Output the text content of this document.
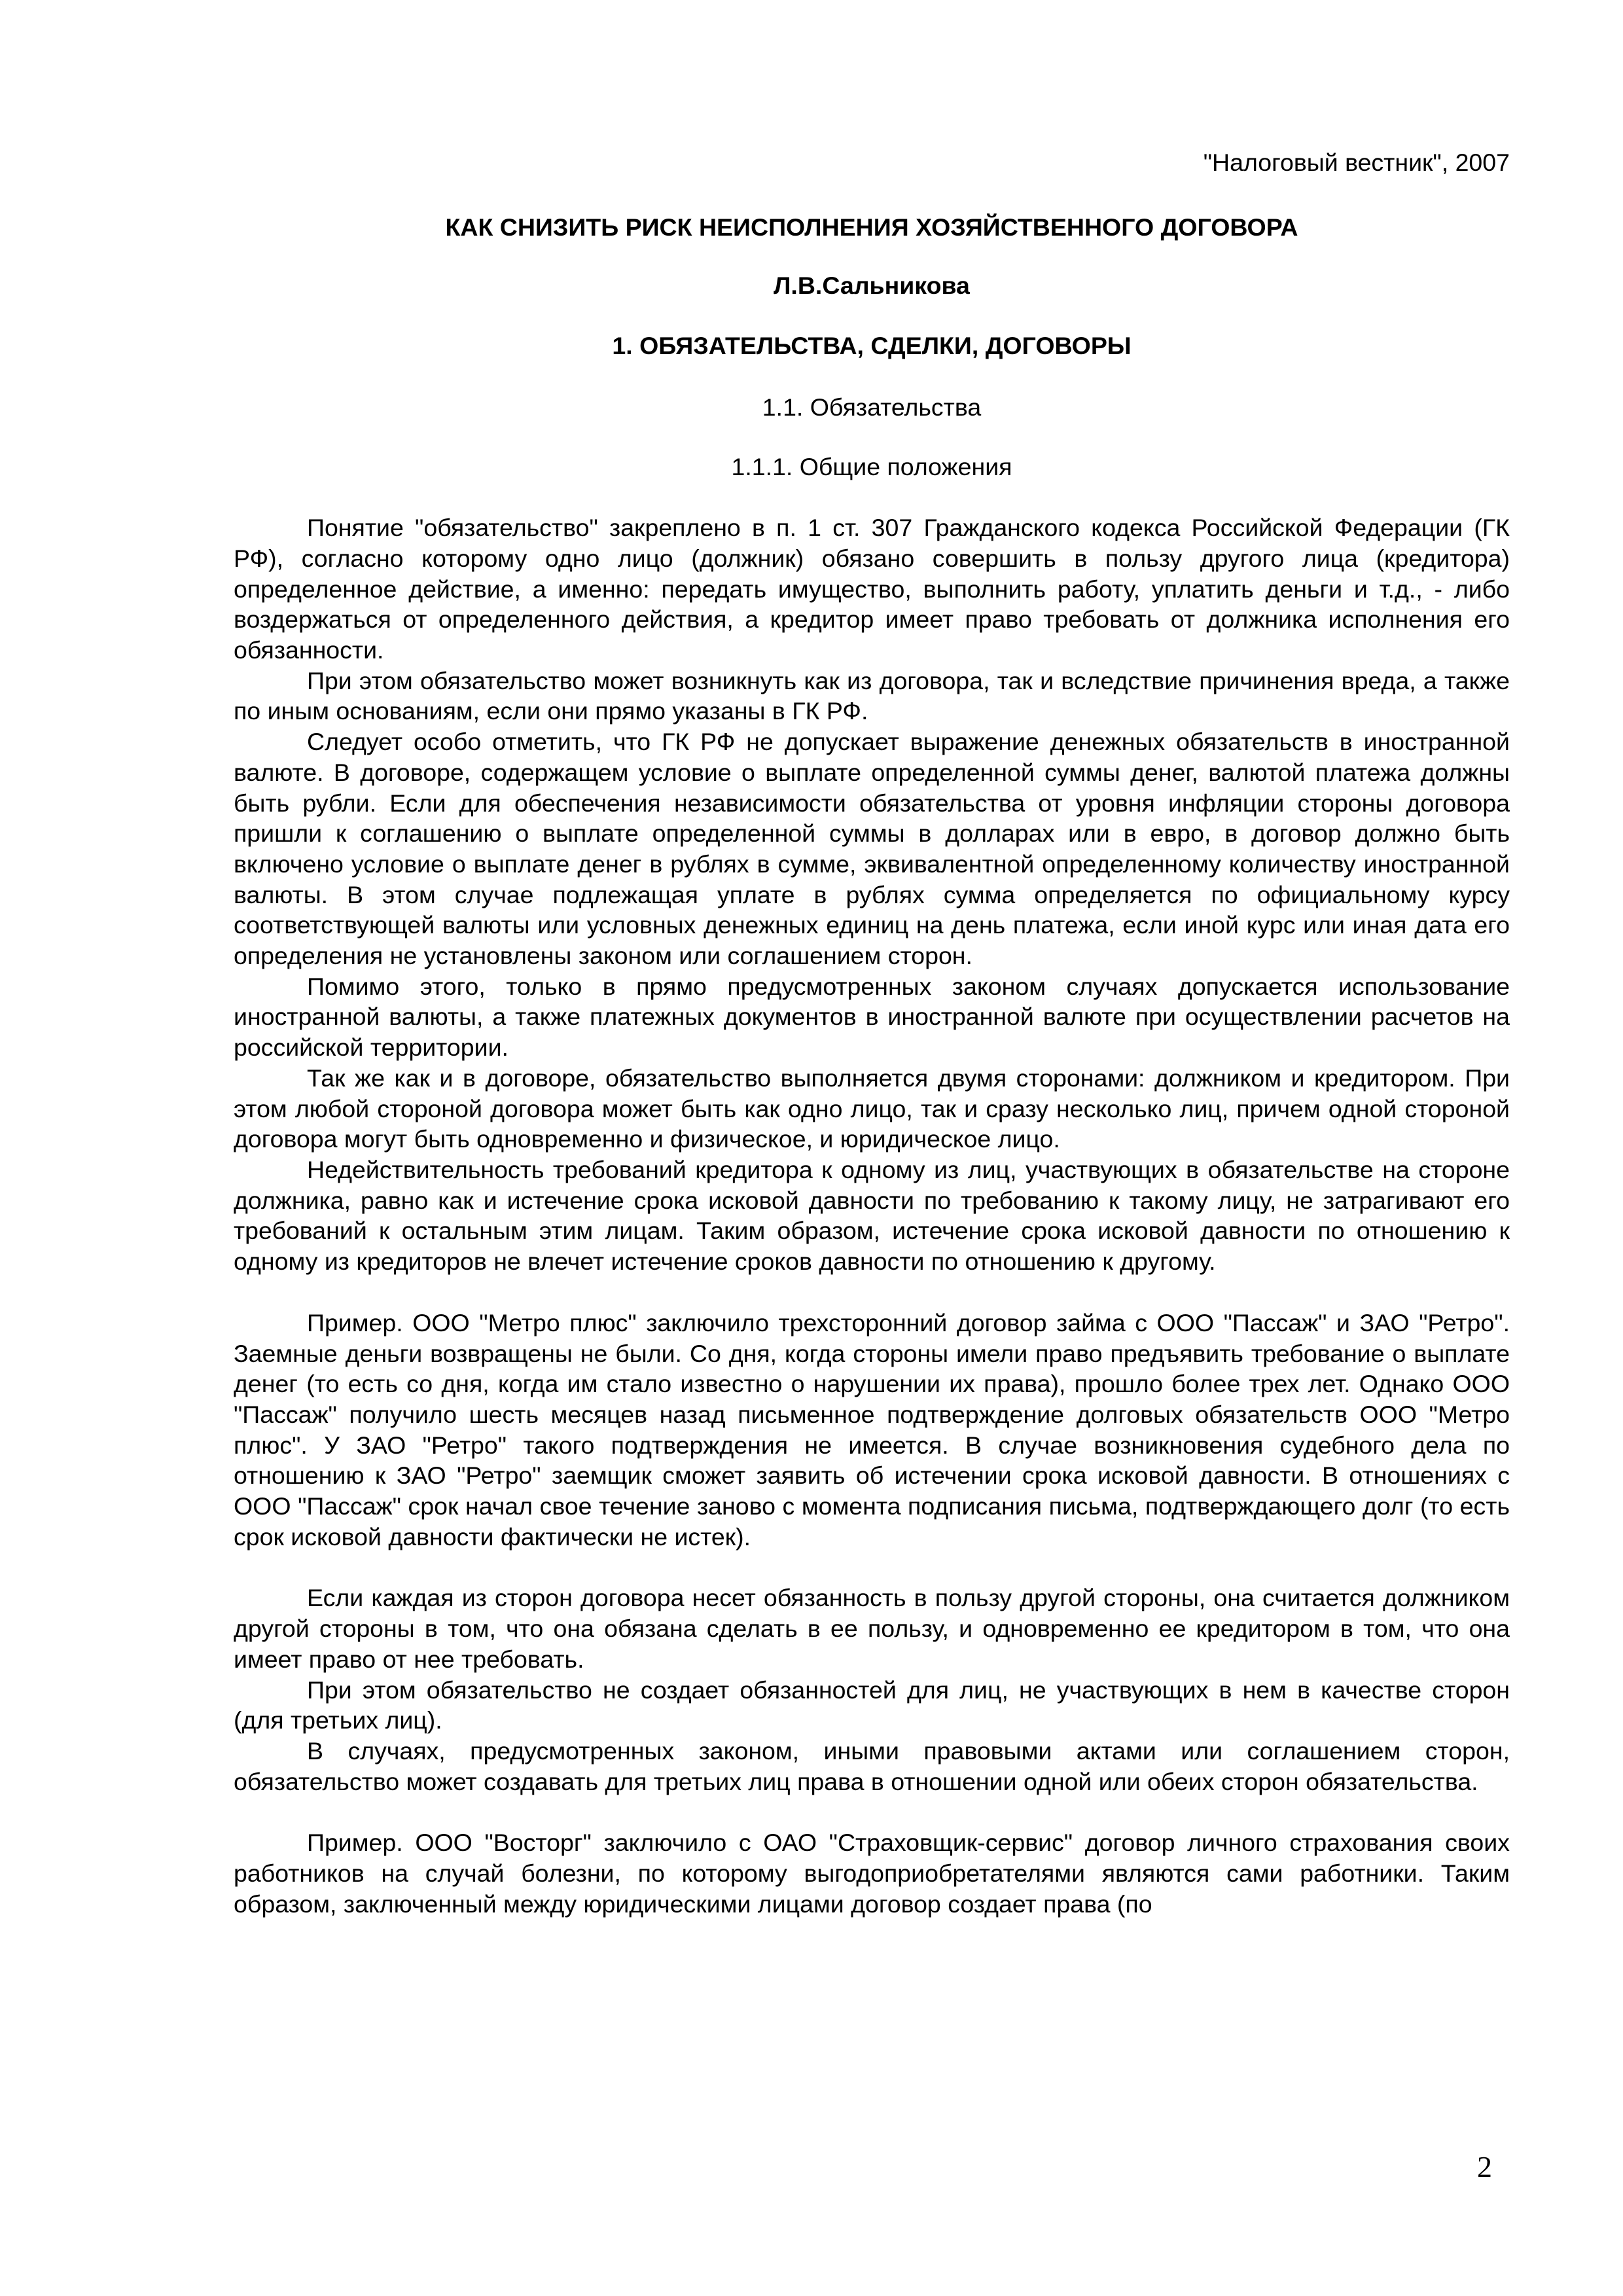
"Налоговый вестник", 2007
КАК СНИЗИТЬ РИСК НЕИСПОЛНЕНИЯ ХОЗЯЙСТВЕННОГО ДОГОВОРА
Л.В.Сальникова
1. ОБЯЗАТЕЛЬСТВА, СДЕЛКИ, ДОГОВОРЫ
1.1. Обязательства
1.1.1. Общие положения

Понятие "обязательство" закреплено в п. 1 ст. 307 Гражданского кодекса Российской Федерации (ГК РФ), согласно которому одно лицо (должник) обязано совершить в пользу другого лица (кредитора) определенное действие, а именно: передать имущество, выполнить работу, уплатить деньги и т.д., - либо воздержаться от определенного действия, а кредитор имеет право требовать от должника исполнения его обязанности.

При этом обязательство может возникнуть как из договора, так и вследствие причинения вреда, а также по иным основаниям, если они прямо указаны в ГК РФ.

Следует особо отметить, что ГК РФ не допускает выражение денежных обязательств в иностранной валюте. В договоре, содержащем условие о выплате определенной суммы денег, валютой платежа должны быть рубли. Если для обеспечения независимости обязательства от уровня инфляции стороны договора пришли к соглашению о выплате определенной суммы в долларах или в евро, в договор должно быть включено условие о выплате денег в рублях в сумме, эквивалентной определенному количеству иностранной валюты. В этом случае подлежащая уплате в рублях сумма определяется по официальному курсу соответствующей валюты или условных денежных единиц на день платежа, если иной курс или иная дата его определения не установлены законом или соглашением сторон.

Помимо этого, только в прямо предусмотренных законом случаях допускается использование иностранной валюты, а также платежных документов в иностранной валюте при осуществлении расчетов на российской территории.

Так же как и в договоре, обязательство выполняется двумя сторонами: должником и кредитором. При этом любой стороной договора может быть как одно лицо, так и сразу несколько лиц, причем одной стороной договора могут быть одновременно и физическое, и юридическое лицо.

Недействительность требований кредитора к одному из лиц, участвующих в обязательстве на стороне должника, равно как и истечение срока исковой давности по требованию к такому лицу, не затрагивают его требований к остальным этим лицам. Таким образом, истечение срока исковой давности по отношению к одному из кредиторов не влечет истечение сроков давности по отношению к другому.

Пример. ООО "Метро плюс" заключило трехсторонний договор займа с ООО "Пассаж" и ЗАО "Ретро". Заемные деньги возвращены не были. Со дня, когда стороны имели право предъявить требование о выплате денег (то есть со дня, когда им стало известно о нарушении их права), прошло более трех лет. Однако ООО "Пассаж" получило шесть месяцев назад письменное подтверждение долговых обязательств ООО "Метро плюс". У ЗАО "Ретро" такого подтверждения не имеется. В случае возникновения судебного дела по отношению к ЗАО "Ретро" заемщик сможет заявить об истечении срока исковой давности. В отношениях с ООО "Пассаж" срок начал свое течение заново с момента подписания письма, подтверждающего долг (то есть срок исковой давности фактически не истек).

Если каждая из сторон договора несет обязанность в пользу другой стороны, она считается должником другой стороны в том, что она обязана сделать в ее пользу, и одновременно ее кредитором в том, что она имеет право от нее требовать.

При этом обязательство не создает обязанностей для лиц, не участвующих в нем в качестве сторон (для третьих лиц).

В случаях, предусмотренных законом, иными правовыми актами или соглашением сторон, обязательство может создавать для третьих лиц права в отношении одной или обеих сторон обязательства.

Пример. ООО "Восторг" заключило с ОАО "Страховщик-сервис" договор личного страхования своих работников на случай болезни, по которому выгодоприобретателями являются сами работники. Таким образом, заключенный между юридическими лицами договор создает права (по

2
